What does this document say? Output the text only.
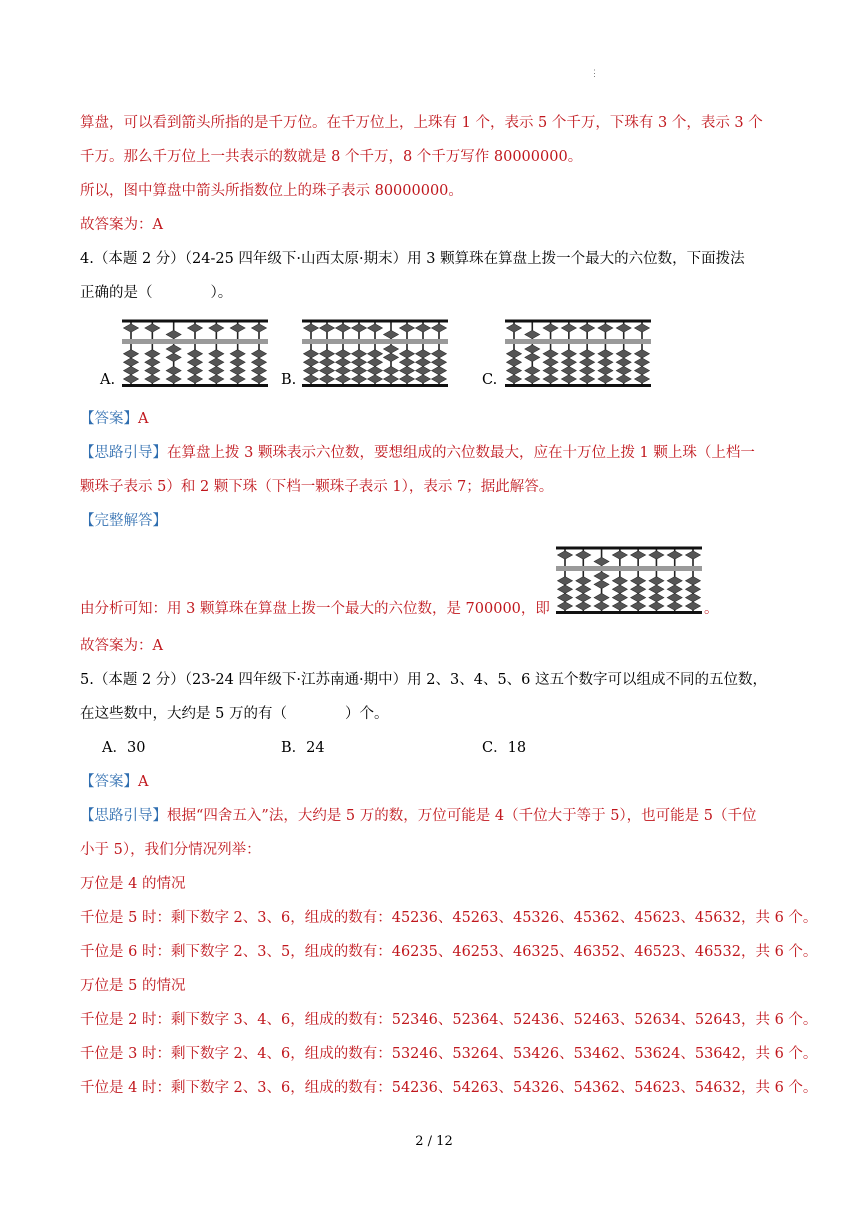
⋮
算盘，可以看到箭头所指的是千万位。在千万位上，上珠有 1 个，表示 5 个千万，下珠有 3 个，表示 3 个
千万。那么千万位上一共表示的数就是 8 个千万，8 个千万写作 80000000。
所以，图中算盘中箭头所指数位上的珠子表示 80000000。
故答案为：A
4.（本题 2 分）（24-25 四年级下·山西太原·期末）用 3 颗算珠在算盘上拨一个最大的六位数，下面拨法
正确的是（　　　　）。
A.	B.	C.
【答案】A
【思路引导】在算盘上拨 3 颗珠表示六位数，要想组成的六位数最大，应在十万位上拨 1 颗上珠（上档一
颗珠子表示 5）和 2 颗下珠（下档一颗珠子表示 1），表示 7；据此解答。
【完整解答】
由分析可知：用 3 颗算珠在算盘上拨一个最大的六位数，是 700000，即	。
故答案为：A
5.（本题 2 分）（23-24 四年级下·江苏南通·期中）用 2、3、4、5、6 这五个数字可以组成不同的五位数，
在这些数中，大约是 5 万的有（　　　　）个。
A．30	B．24	C．18
【答案】A
【思路引导】根据“四舍五入”法，大约是 5 万的数，万位可能是 4（千位大于等于 5），也可能是 5（千位
小于 5），我们分情况列举：
万位是 4 的情况
千位是 5 时：剩下数字 2、3、6，组成的数有：45236、45263、45326、45362、45623、45632，共 6 个。
千位是 6 时：剩下数字 2、3、5，组成的数有：46235、46253、46325、46352、46523、46532，共 6 个。
万位是 5 的情况
千位是 2 时：剩下数字 3、4、6，组成的数有：52346、52364、52436、52463、52634、52643，共 6 个。
千位是 3 时：剩下数字 2、4、6，组成的数有：53246、53264、53426、53462、53624、53642，共 6 个。
千位是 4 时：剩下数字 2、3、6，组成的数有：54236、54263、54326、54362、54623、54632，共 6 个。
2 / 12
